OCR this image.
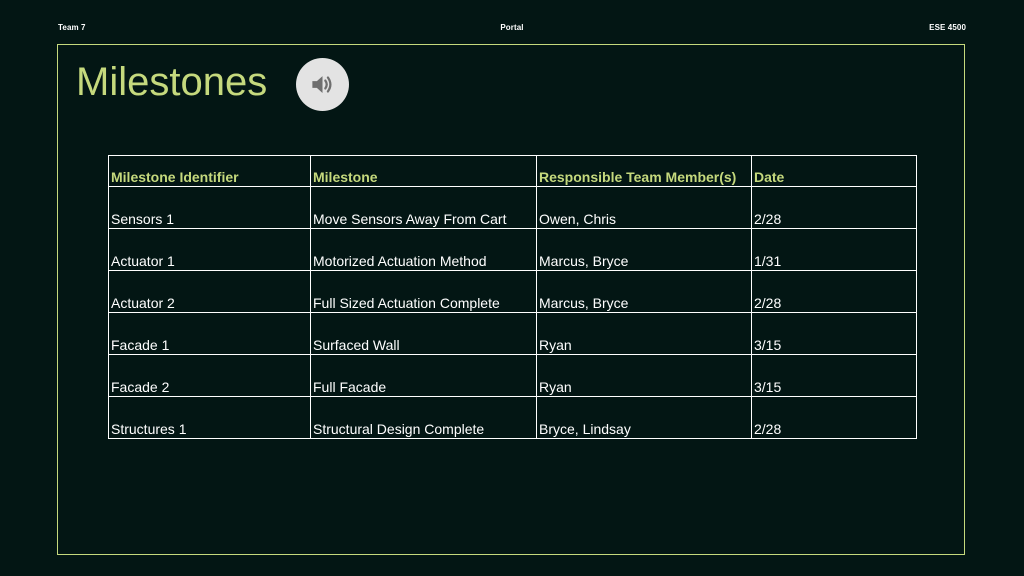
Team 7	Portal	ESE 4500
Milestones
Milestone Identifier	Milestone	Responsible Team Member(s)	Date
Sensors 1	Move Sensors Away From Cart	Owen, Chris	2/28
Actuator 1	Motorized Actuation Method	Marcus, Bryce	1/31
Actuator 2	Full Sized Actuation Complete	Marcus, Bryce	2/28
Facade 1	Surfaced Wall	Ryan	3/15
Facade 2	Full Facade	Ryan	3/15
Structures 1	Structural Design Complete	Bryce, Lindsay	2/28
